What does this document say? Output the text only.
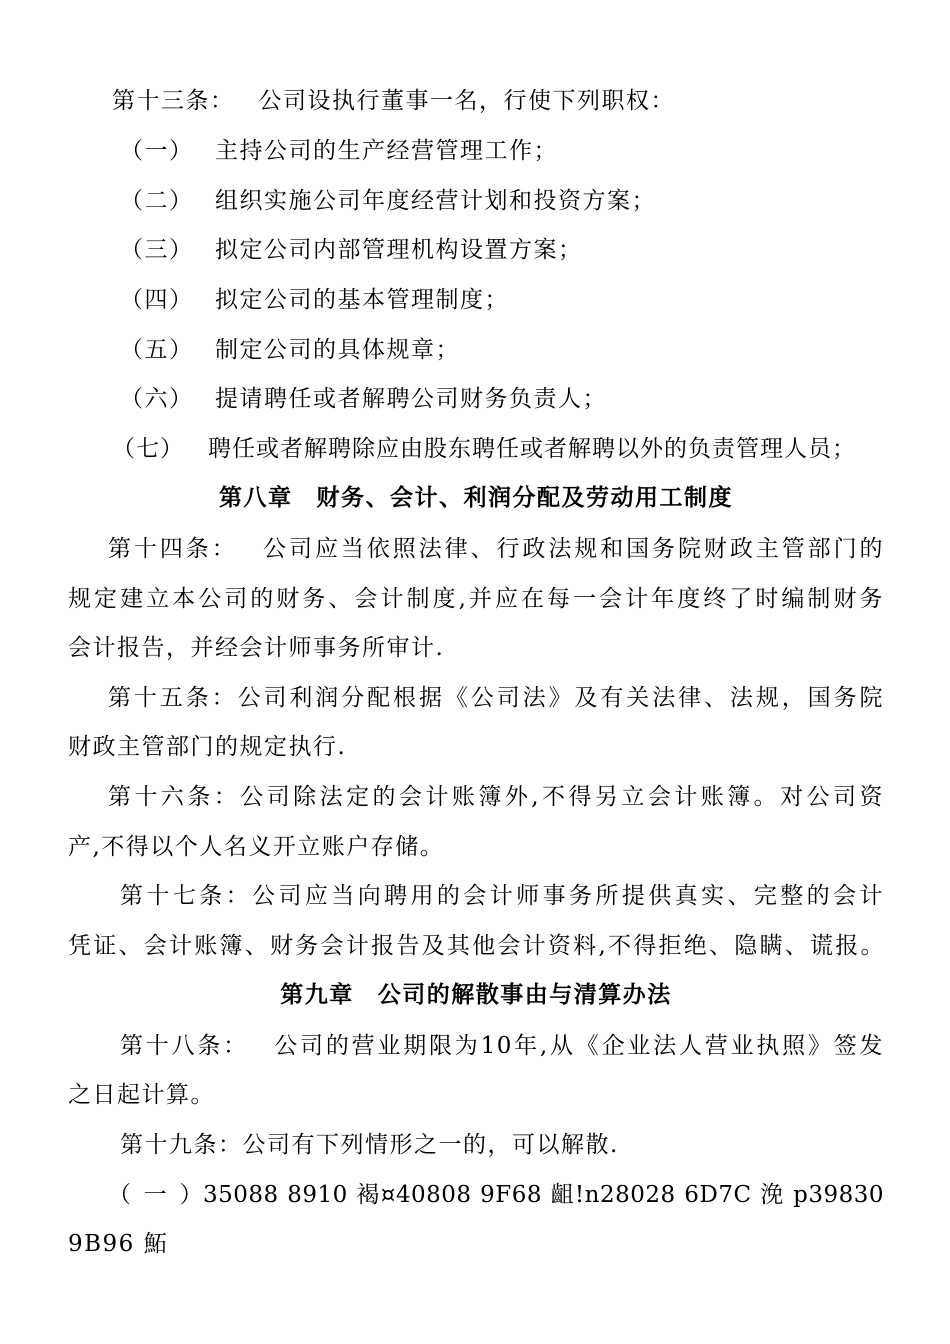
第十三条： 公司设执行董事一名，行使下列职权：
（一） 主持公司的生产经营管理工作；
（二） 组织实施公司年度经营计划和投资方案；
（三） 拟定公司内部管理机构设置方案；
（四） 拟定公司的基本管理制度；
（五） 制定公司的具体规章；
（六） 提请聘任或者解聘公司财务负责人；
（七） 聘任或者解聘除应由股东聘任或者解聘以外的负责管理人员；
第八章 财务、会计、利润分配及劳动用工制度
第十四条： 公司应当依照法律、行政法规和国务院财政主管部门的
规定建立本公司的财务、会计制度,并应在每一会计年度终了时编制财务
会计报告，并经会计师事务所审计.
第十五条：公司利润分配根据《公司法》及有关法律、法规，国务院
财政主管部门的规定执行.
第十六条：公司除法定的会计账簿外,不得另立会计账簿。对公司资
产,不得以个人名义开立账户存储。
第十七条：公司应当向聘用的会计师事务所提供真实、完整的会计
凭证、会计账簿、财务会计报告及其他会计资料,不得拒绝、隐瞒、谎报。
第九章 公司的解散事由与清算办法
第十八条： 公司的营业期限为10年,从《企业法人营业执照》签发
之日起计算。
第十九条：公司有下列情形之一的，可以解散.
（一）35088 8910 褐¤40808 9F68 齟!n28028 6D7C 浼 p39830
9B96 鮖
